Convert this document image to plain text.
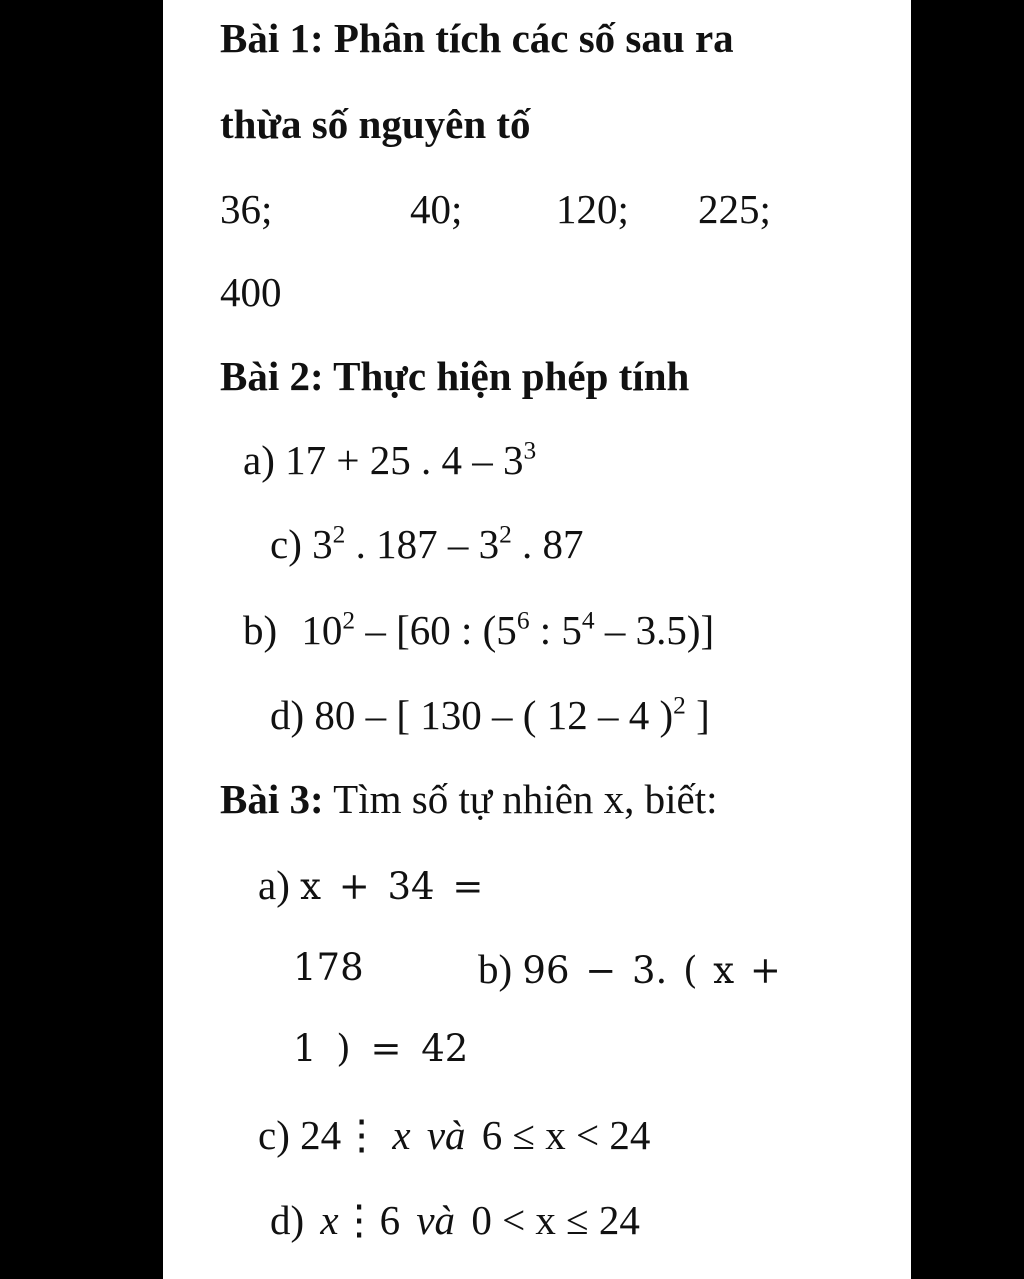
Bài 1: Phân tích các số sau ra
thừa số nguyên tố
36;	40; 120; 225;
400
Bài 2: Thực hiện phép tính
a) 17 + 25 . $4 - 3^3$
c) $3^2$ . $187 - 3^2$ . 87
b) $10^2 - [60$ : ($5^6$ : $5^4 - 3.5$)]
d) 80 – [ 130 – ( 12 – 4 )$^2$ ]
Bài 3: Tìm số tự nhiên x, biết:
a) x + 34 =
178	b) 96 − 3. ( x +
1 ) = 42
c) 24⋮ x và 6 ≤ x < 24
d) x⋮6 và 0 < x ≤ 24
